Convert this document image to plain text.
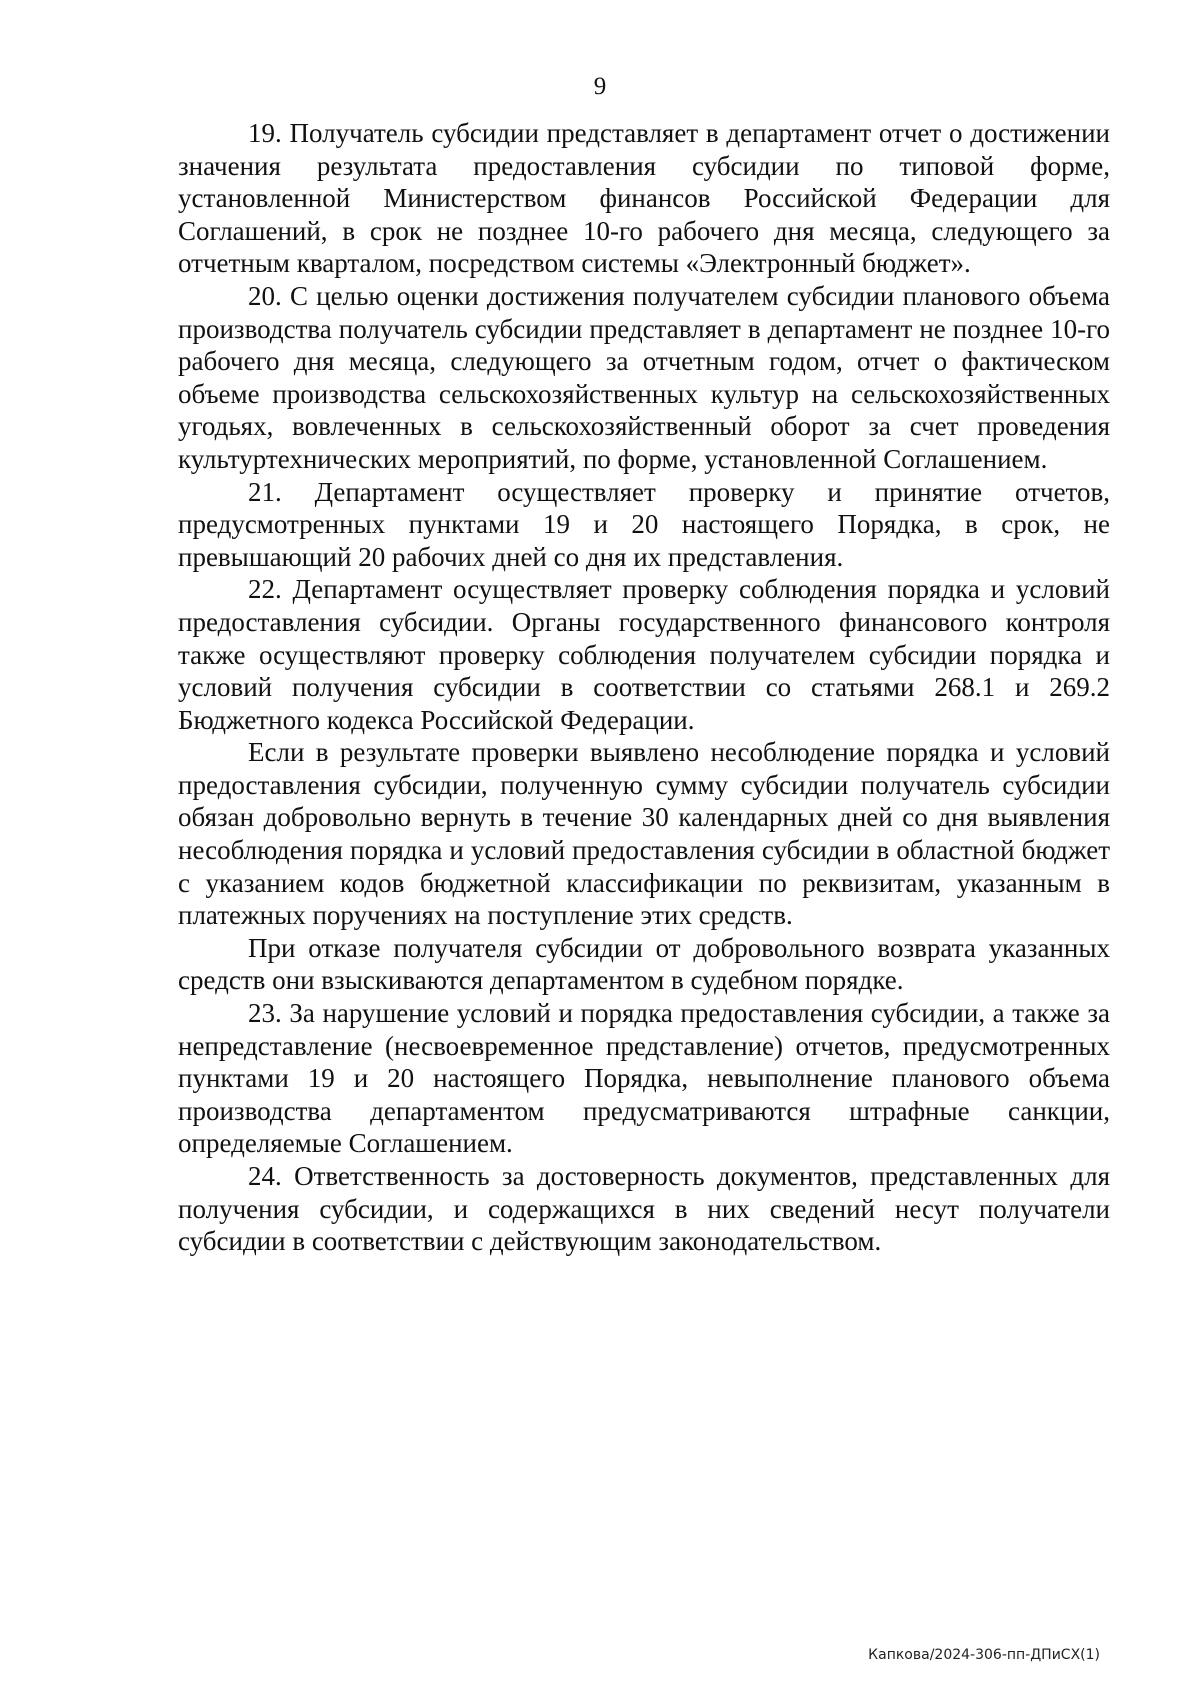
9

19. Получатель субсидии представляет в департамент отчет о достижении значения результата предоставления субсидии по типовой форме, установленной Министерством финансов Российской Федерации для Соглашений, в срок не позднее 10-го рабочего дня месяца, следующего за отчетным кварталом, посредством системы «Электронный бюджет».

20. С целью оценки достижения получателем субсидии планового объема производства получатель субсидии представляет в департамент не позднее 10-го рабочего дня месяца, следующего за отчетным годом, отчет о фактическом объеме производства сельскохозяйственных культур на сельскохозяйственных угодьях, вовлеченных в сельскохозяйственный оборот за счет проведения культуртехнических мероприятий, по форме, установленной Соглашением.

21. Департамент осуществляет проверку и принятие отчетов, предусмотренных пунктами 19 и 20 настоящего Порядка, в срок, не превышающий 20 рабочих дней со дня их представления.

22. Департамент осуществляет проверку соблюдения порядка и условий предоставления субсидии. Органы государственного финансового контроля также осуществляют проверку соблюдения получателем субсидии порядка и условий получения субсидии в соответствии со статьями 268.1 и 269.2 Бюджетного кодекса Российской Федерации.

Если в результате проверки выявлено несоблюдение порядка и условий предоставления субсидии, полученную сумму субсидии получатель субсидии обязан добровольно вернуть в течение 30 календарных дней со дня выявления несоблюдения порядка и условий предоставления субсидии в областной бюджет с указанием кодов бюджетной классификации по реквизитам, указанным в платежных поручениях на поступление этих средств.

При отказе получателя субсидии от добровольного возврата указанных средств они взыскиваются департаментом в судебном порядке.

23. За нарушение условий и порядка предоставления субсидии, а также за непредставление (несвоевременное представление) отчетов, предусмотренных пунктами 19 и 20 настоящего Порядка, невыполнение планового объема производства департаментом предусматриваются штрафные санкции, определяемые Соглашением.

24. Ответственность за достоверность документов, представленных для получения субсидии, и содержащихся в них сведений несут получатели субсидии в соответствии с действующим законодательством.

Капкова/2024-306-пп-ДПиСХ(1)
